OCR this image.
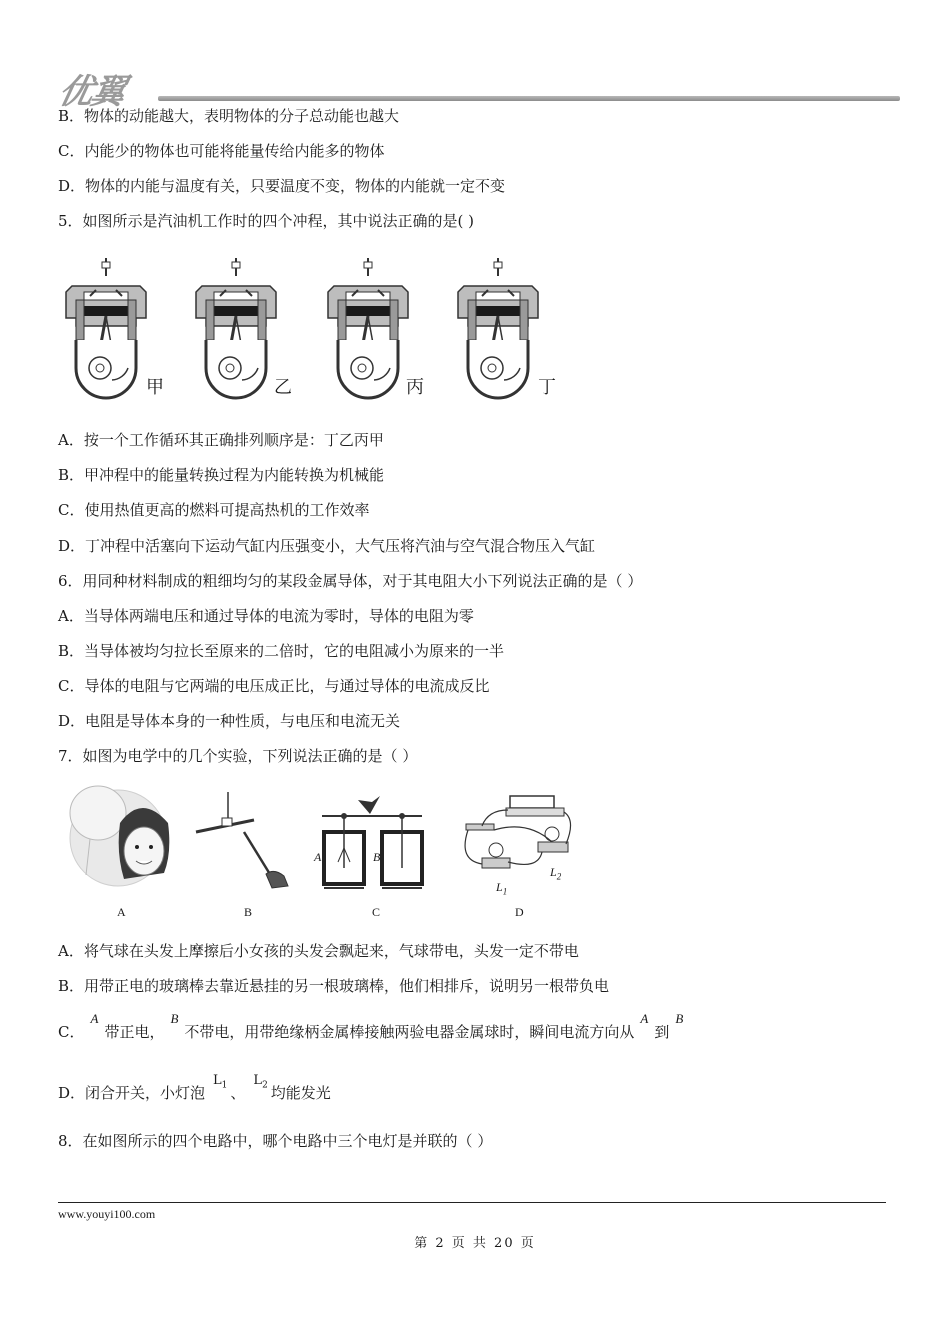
优翼
B．物体的动能越大，表明物体的分子总动能也越大
C．内能少的物体也可能将能量传给内能多的物体
D．物体的内能与温度有关，只要温度不变，物体的内能就一定不变
5．如图所示是汽油机工作时的四个冲程，其中说法正确的是( )
甲	乙	丙	丁
A．按一个工作循环其正确排列顺序是：丁乙丙甲
B．甲冲程中的能量转换过程为内能转换为机械能
C．使用热值更高的燃料可提高热机的工作效率
D．丁冲程中活塞向下运动气缸内压强变小，大气压将汽油与空气混合物压入气缸
6．用同种材料制成的粗细均匀的某段金属导体，对于其电阻大小下列说法正确的是（ ）
A．当导体两端电压和通过导体的电流为零时，导体的电阻为零
B．当导体被均匀拉长至原来的二倍时，它的电阻减小为原来的一半
C．导体的电阻与它两端的电压成正比，与通过导体的电流成反比
D．电阻是导体本身的一种性质，与电压和电流无关
7．如图为电学中的几个实验，下列说法正确的是（ ）
A	B
$L_1$
$L_2$
A	B	C	D
A．将气球在头发上摩擦后小女孩的头发会飘起来，气球带电，头发一定不带电
B．用带正电的玻璃棒去靠近悬挂的另一根玻璃棒，他们相排斥，说明另一根带负电
C．A带正电，B不带电，用带绝缘柄金属棒接触两验电器金属球时，瞬间电流方向从A到B
D．闭合开关，小灯泡$L_1$ 、$L_2$ 均能发光
8．在如图所示的四个电路中，哪个电路中三个电灯是并联的（ ）
www.youyi100.com
第 2 页 共 20 页
